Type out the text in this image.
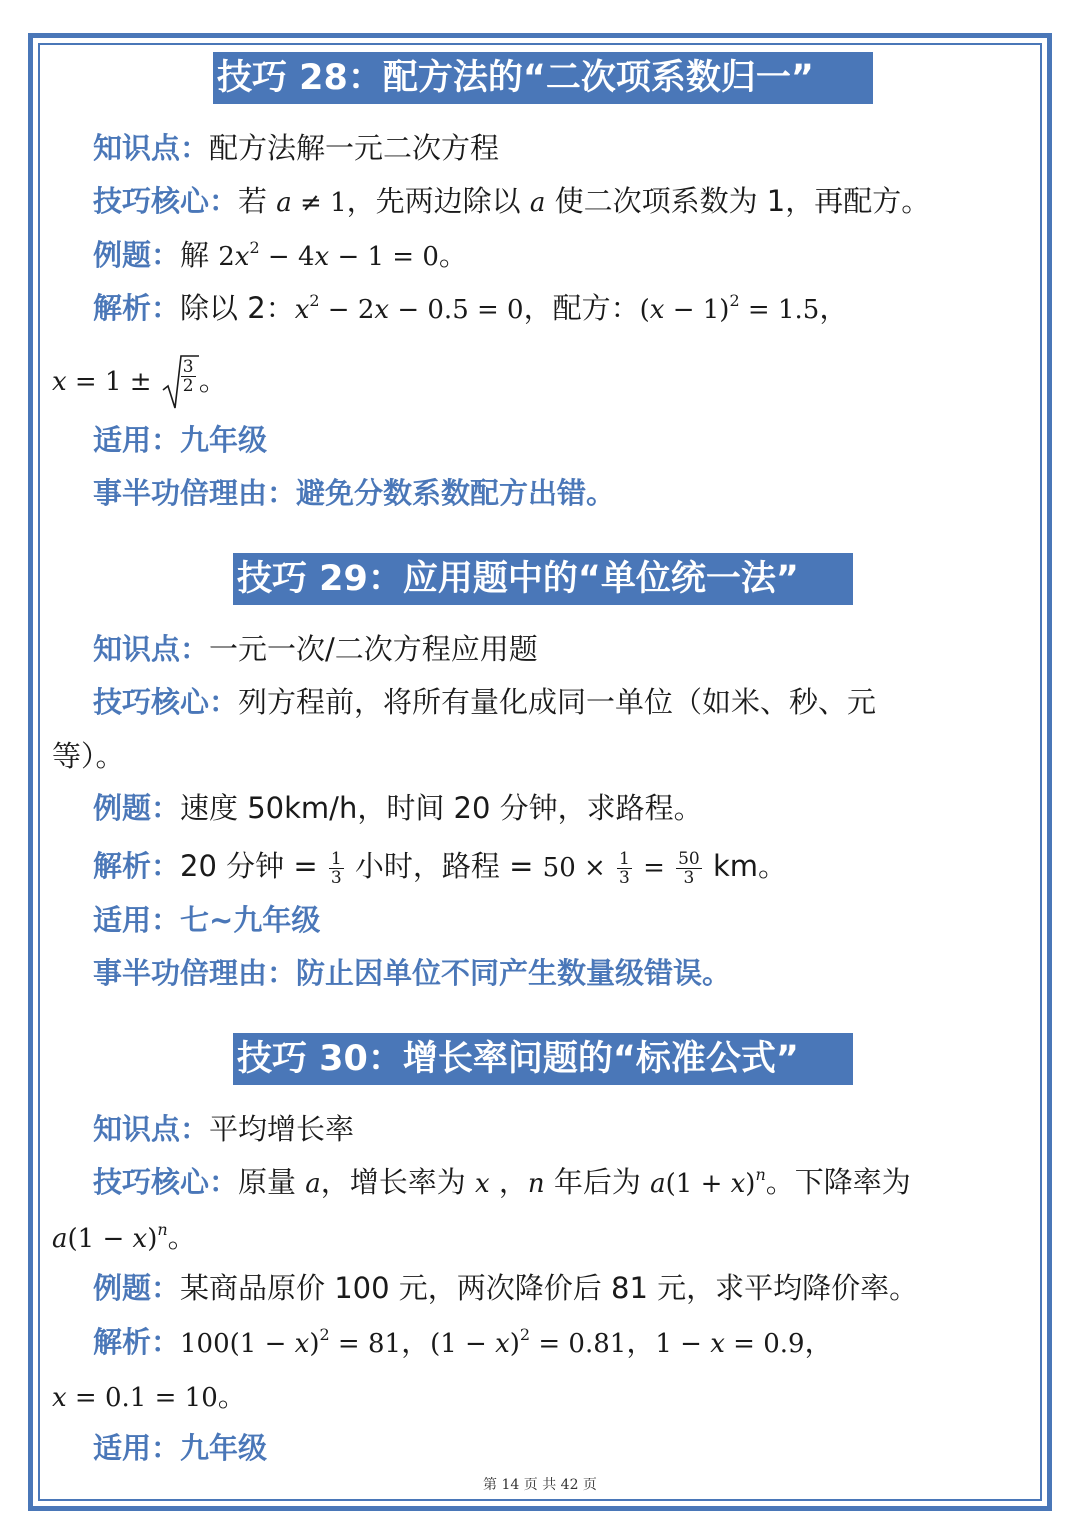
技巧 28：配方法的“二次项系数归一”
知识点：配方法解一元二次方程
技巧核心：若 a ≠ 1，先两边除以 a 使二次项系数为 1，再配方。
例题：解 $2x^2 - 4x - 1 = 0$。
解析：除以 2：$x^2 - 2x - 0.5 = 0$，配方：$(x - 1)^2 = 1.5$，
$x = 1 \pm \frac{3}{2}$ 。
适用：九年级
事半功倍理由：避免分数系数配方出错。
技巧 29：应用题中的“单位统一法”
知识点：一元一次/二次方程应用题
技巧核心：列方程前，将所有量化成同一单位（如米、秒、元
等）。
例题：速度 50km/h，时间 20 分钟，求路程。
解析：20 分钟 = $\frac{1}{3}$ 小时，路程 = $50 \times \frac{1}{3} = \frac{50}{3}$ km。
适用：七~九年级
事半功倍理由：防止因单位不同产生数量级错误。
技巧 30：增长率问题的“标准公式”
知识点：平均增长率
技巧核心：原量 a，增长率为 x ，n 年后为 $a(1 + x)^n$。下降率为
$a(1 - x)^n$。
例题：某商品原价 100 元，两次降价后 81 元，求平均降价率。
解析：$100(1 - x)^2 = 81$，$(1 - x)^2 = 0.81$，1 − x = 0.9，
x = 0.1 = 10。
适用：九年级
第 14 页 共 42 页
